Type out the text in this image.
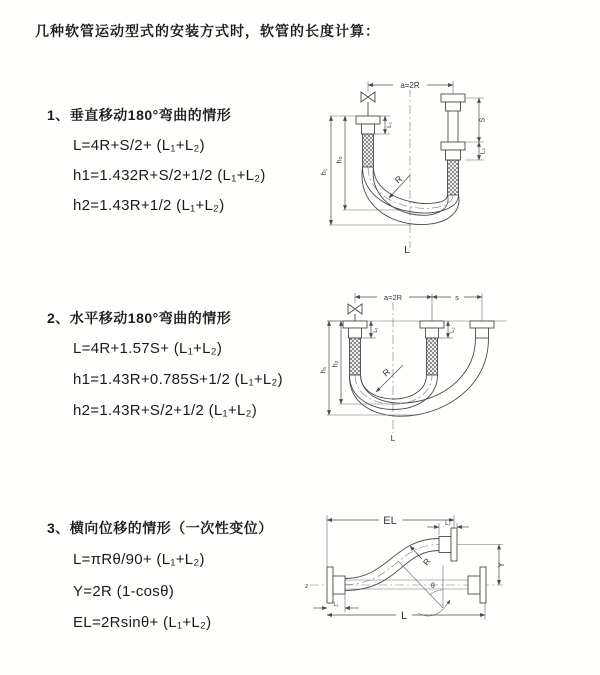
几种软管运动型式的安装方式时，软管的长度计算：
1、垂直移动180°弯曲的情形
L=4R+S/2+ (L₁+L₂)
h1=1.432R+S/2+1/2 (L₁+L₂)
h2=1.43R+1/2 (L₁+L₂)
2、水平移动180°弯曲的情形
L=4R+1.57S+ (L₁+L₂)
h1=1.43R+0.785S+1/2 (L₁+L₂)
h2=1.43R+S/2+1/2 (L₁+L₂)
3、横向位移的情形（一次性变位）
L=πRθ/90+ (L₁+L₂)
Y=2R (1-cosθ)
EL=2Rsinθ+ (L₁+L₂)
a=2R
h₁
h₂
L₁
S
L₂
R
L
a=2R	s
h₁
h₂
L₁	L₂
R
L
z
EL	L₂
Y
R
θ
L₁
L
